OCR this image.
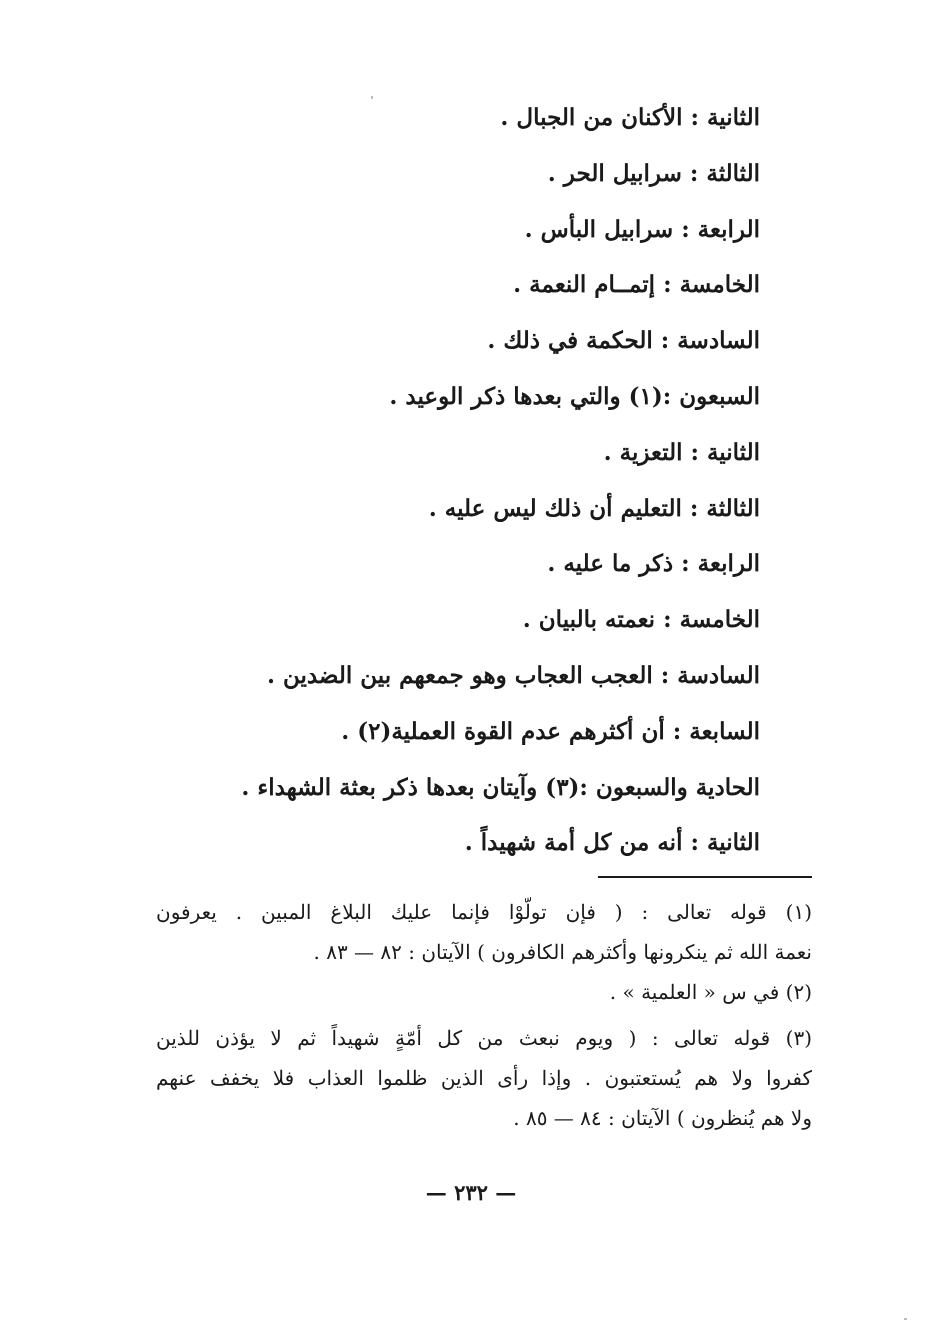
الثانية : الأكنان من الجبال .
الثالثة : سرابيل الحر .
الرابعة : سرابيل البأس .
الخامسة : إتمــام النعمة .
السادسة : الحكمة في ذلك .
السبعون :(١) والتي بعدها ذكر الوعيد .
الثانية : التعزية .
الثالثة : التعليم أن ذلك ليس عليه .
الرابعة : ذكر ما عليه .
الخامسة : نعمته بالبيان .
السادسة : العجب العجاب وهو جمعهم بين الضدين .
السابعة : أن أكثرهم عدم القوة العملية(٢) .
الحادية والسبعون :(٣) وآيتان بعدها ذكر بعثة الشهداء .
الثانية : أنه من كل أمة شهيداً .
(١) قوله تعالى : ( فإن تولّوْا فإنما عليك البلاغ المبين . يعرفون
نعمة الله ثم ينكرونها وأكثرهم الكافرون ) الآيتان : ٨٢ — ٨٣ .
(٢) في س « العلمية » .
(٣) قوله تعالى : ( ويوم نبعث من كل أمّةٍ شهيداً ثم لا يؤذن للذين
كفروا ولا هم يُستعتبون . وإذا رأى الذين ظلموا العذاب فلا يخفف عنهم
ولا هم يُنظرون ) الآيتان : ٨٤ — ٨٥ .
— ٢٣٢ —
